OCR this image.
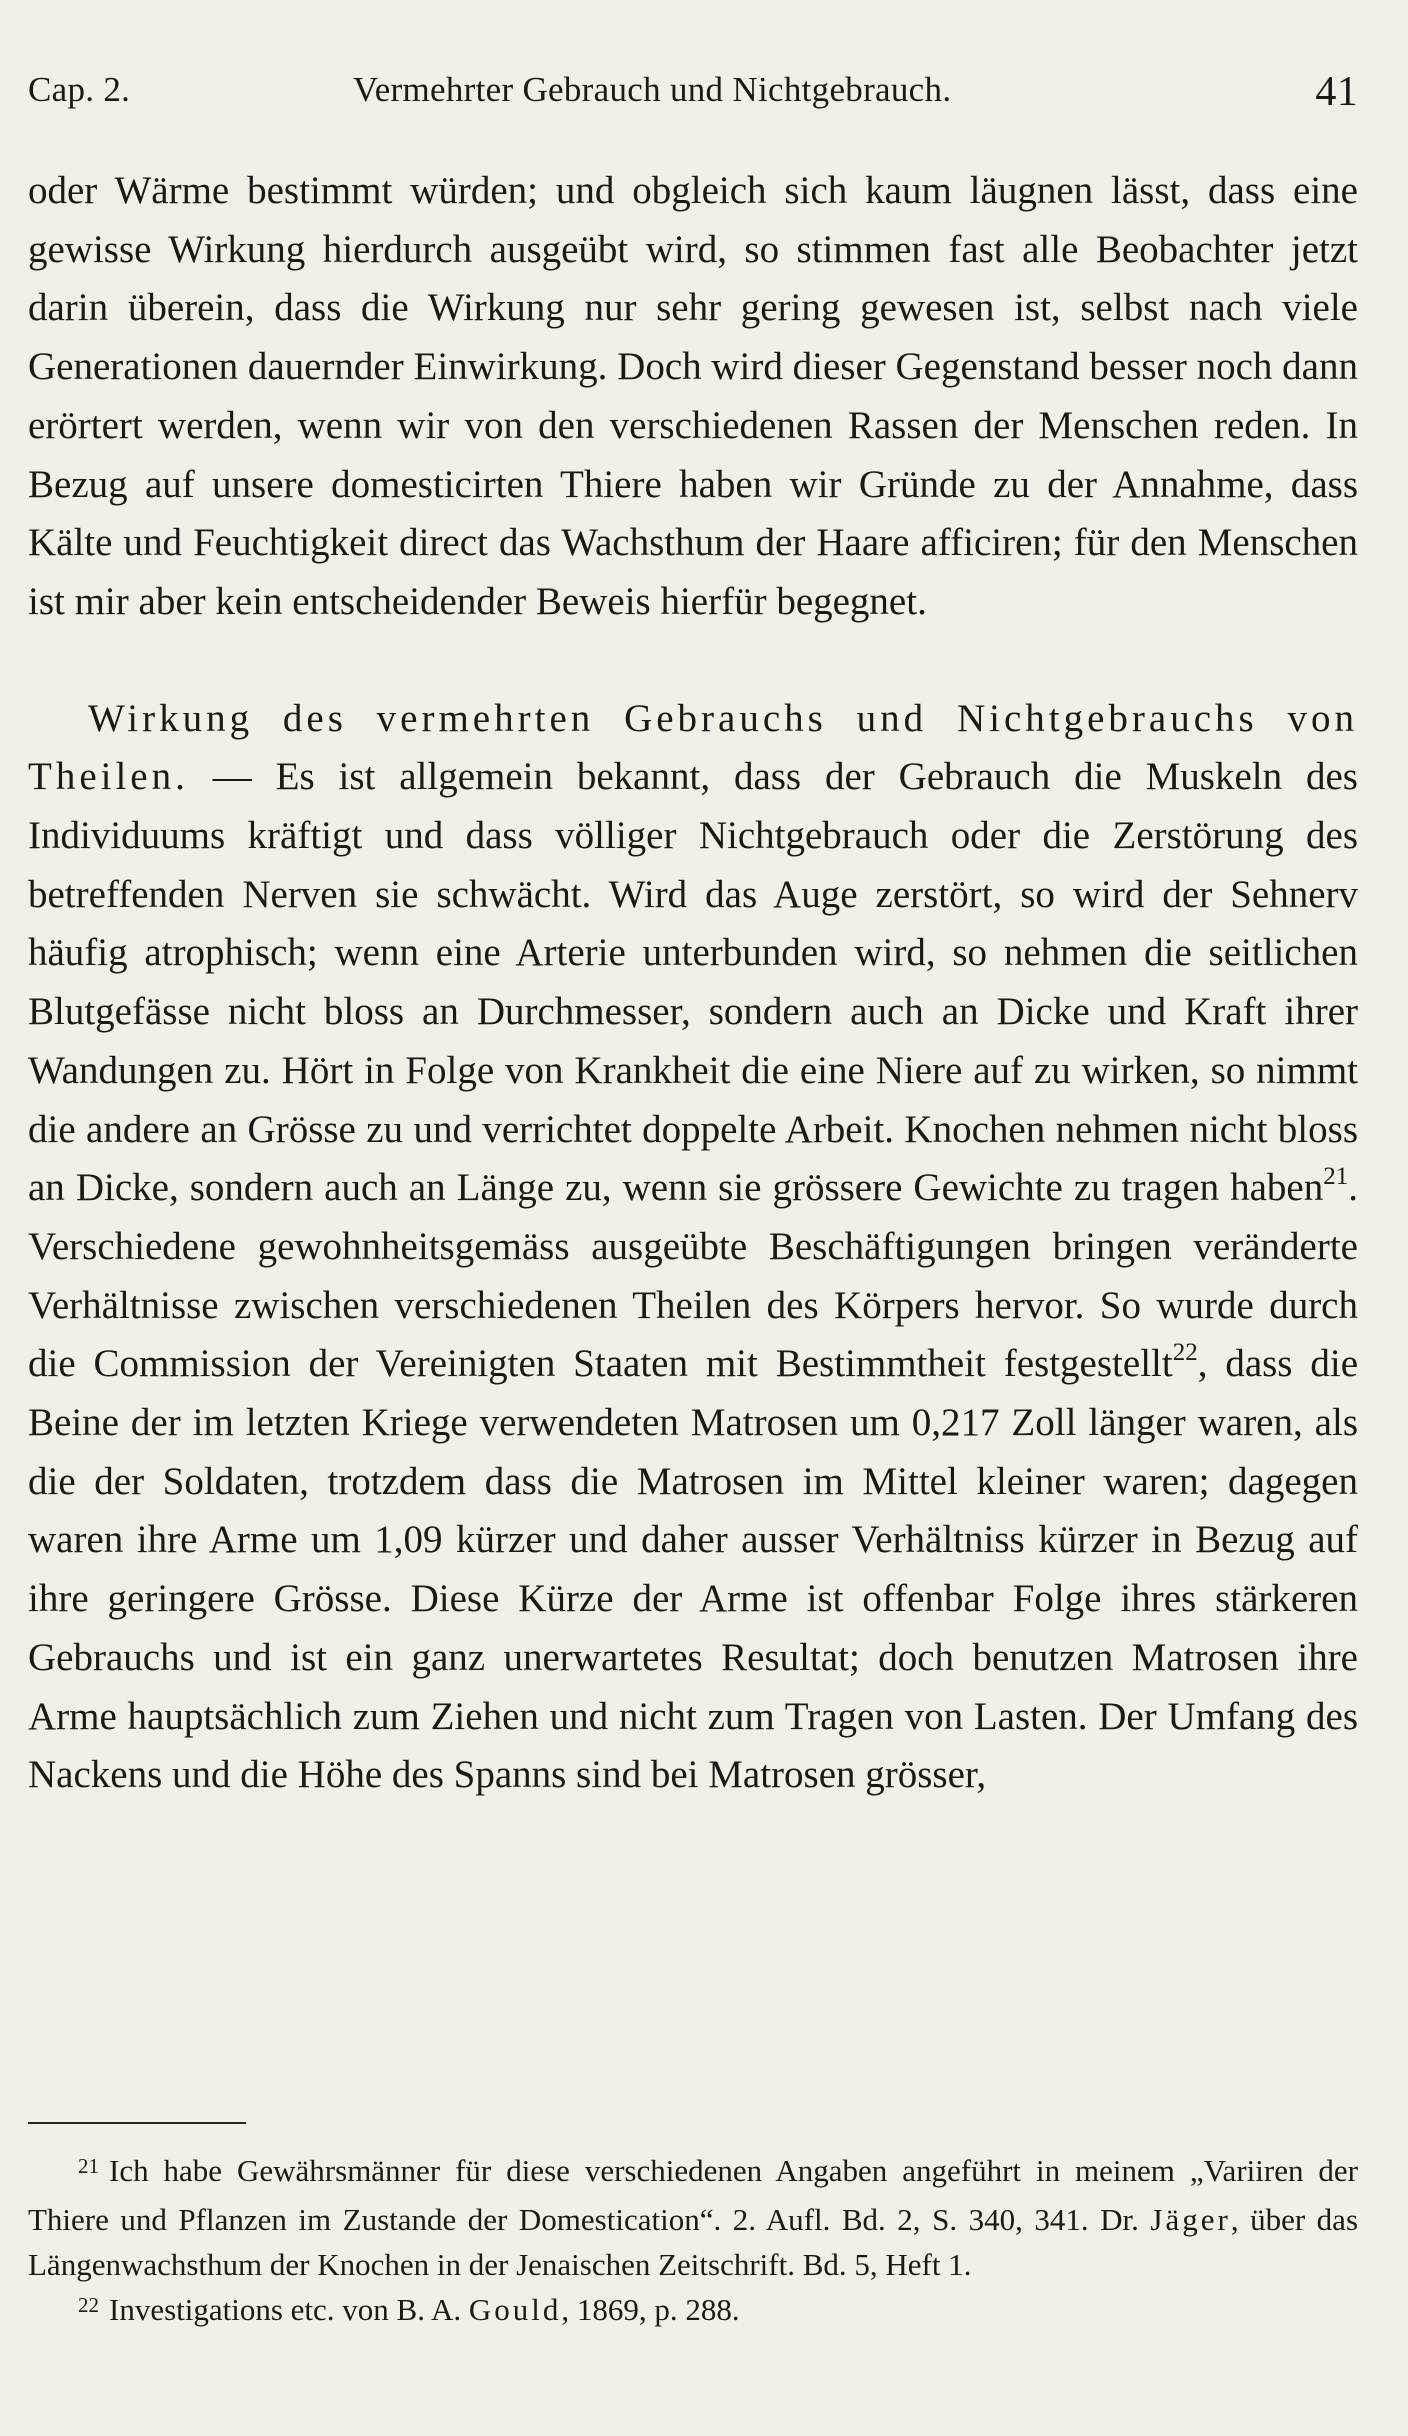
Cap. 2.	Vermehrter Gebrauch und Nichtgebrauch.	41

oder Wärme bestimmt würden; und obgleich sich kaum läugnen lässt, dass eine gewisse Wirkung hierdurch ausgeübt wird, so stimmen fast alle Beobachter jetzt darin überein, dass die Wirkung nur sehr gering gewesen ist, selbst nach viele Generationen dauernder Einwirkung. Doch wird dieser Gegenstand besser noch dann erörtert werden, wenn wir von den verschiedenen Rassen der Menschen reden. In Bezug auf unsere domesticirten Thiere haben wir Gründe zu der Annahme, dass Kälte und Feuchtigkeit direct das Wachsthum der Haare afficiren; für den Menschen ist mir aber kein entscheidender Beweis hierfür begegnet.

Wirkung des vermehrten Gebrauchs und Nichtgebrauchs von Theilen. — Es ist allgemein bekannt, dass der Gebrauch die Muskeln des Individuums kräftigt und dass völliger Nichtgebrauch oder die Zerstörung des betreffenden Nerven sie schwächt. Wird das Auge zerstört, so wird der Sehnerv häufig atrophisch; wenn eine Arterie unterbunden wird, so nehmen die seitlichen Blutgefässe nicht bloss an Durchmesser, sondern auch an Dicke und Kraft ihrer Wandungen zu. Hört in Folge von Krankheit die eine Niere auf zu wirken, so nimmt die andere an Grösse zu und verrichtet doppelte Arbeit. Knochen nehmen nicht bloss an Dicke, sondern auch an Länge zu, wenn sie grössere Gewichte zu tragen haben$^{21}$. Verschiedene gewohnheitsgemäss ausgeübte Beschäftigungen bringen veränderte Verhältnisse zwischen verschiedenen Theilen des Körpers hervor. So wurde durch die Commission der Vereinigten Staaten mit Bestimmtheit festgestellt$^{22}$, dass die Beine der im letzten Kriege verwendeten Matrosen um 0,217 Zoll länger waren, als die der Soldaten, trotzdem dass die Matrosen im Mittel kleiner waren; dagegen waren ihre Arme um 1,09 kürzer und daher ausser Verhältniss kürzer in Bezug auf ihre geringere Grösse. Diese Kürze der Arme ist offenbar Folge ihres stärkeren Gebrauchs und ist ein ganz unerwartetes Resultat; doch benutzen Matrosen ihre Arme hauptsächlich zum Ziehen und nicht zum Tragen von Lasten. Der Umfang des Nackens und die Höhe des Spanns sind bei Matrosen grösser,

$^{21}$ Ich habe Gewährsmänner für diese verschiedenen Angaben angeführt in meinem „Variiren der Thiere und Pflanzen im Zustande der Domestication“. 2. Aufl. Bd. 2, S. 340, 341. Dr. Jäger, über das Längenwachsthum der Knochen in der Jenaischen Zeitschrift. Bd. 5, Heft 1.

$^{22}$ Investigations etc. von B. A. Gould, 1869, p. 288.
